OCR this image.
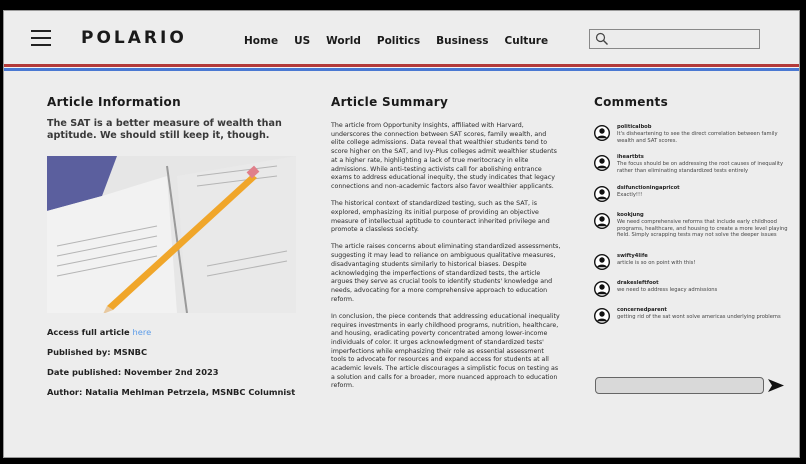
POLARIO	Home US World Politics Business Culture
Article Information
The SAT is a better measure of wealth than aptitude. We should still keep it, though.

Access full article here

Published by: MSNBC

Date published: November 2nd 2023

Author: Natalia Mehlman Petrzela, MSNBC Columnist

Article Summary

The article from Opportunity Insights, affiliated with Harvard, underscores the connection between SAT scores, family wealth, and elite college admissions. Data reveal that wealthier students tend to score higher on the SAT, and Ivy-Plus colleges admit wealthier students at a higher rate, highlighting a lack of true meritocracy in elite admissions. While anti-testing activists call for abolishing entrance exams to address educational inequity, the study indicates that legacy connections and non-academic factors also favor wealthier applicants.

The historical context of standardized testing, such as the SAT, is explored, emphasizing its initial purpose of providing an objective measure of intellectual aptitude to counteract inherited privilege and promote a classless society.

The article raises concerns about eliminating standardized assessments, suggesting it may lead to reliance on ambiguous qualitative measures, disadvantaging students similarly to historical biases. Despite acknowledging the imperfections of standardized tests, the article argues they serve as crucial tools to identify students' knowledge and needs, advocating for a more comprehensive approach to education reform.

In conclusion, the piece contends that addressing educational inequality requires investments in early childhood programs, nutrition, healthcare, and housing, eradicating poverty concentrated among lower-income individuals of color. It urges acknowledgment of standardized tests' imperfections while emphasizing their role as essential assessment tools to advocate for resources and expand access for students at all academic levels. The article discourages a simplistic focus on testing as a solution and calls for a broader, more nuanced approach to education reform.

Comments
politicalbob
It's disheartening to see the direct correlation between family wealth and SAT scores.
iheartbts
The focus should be on addressing the root causes of inequality rather than eliminating standardized tests entirely
dsifunctioningapricot
Exactly!!!
kookjung
We need comprehensive reforms that include early childhood programs, healthcare, and housing to create a more level playing field. Simply scrapping tests may not solve the deeper issues
swifty4life
article is so on point with this!
drakesleftfoot
we need to address legacy admissions
concernedparent
getting rid of the sat wont solve americas underlying problems
